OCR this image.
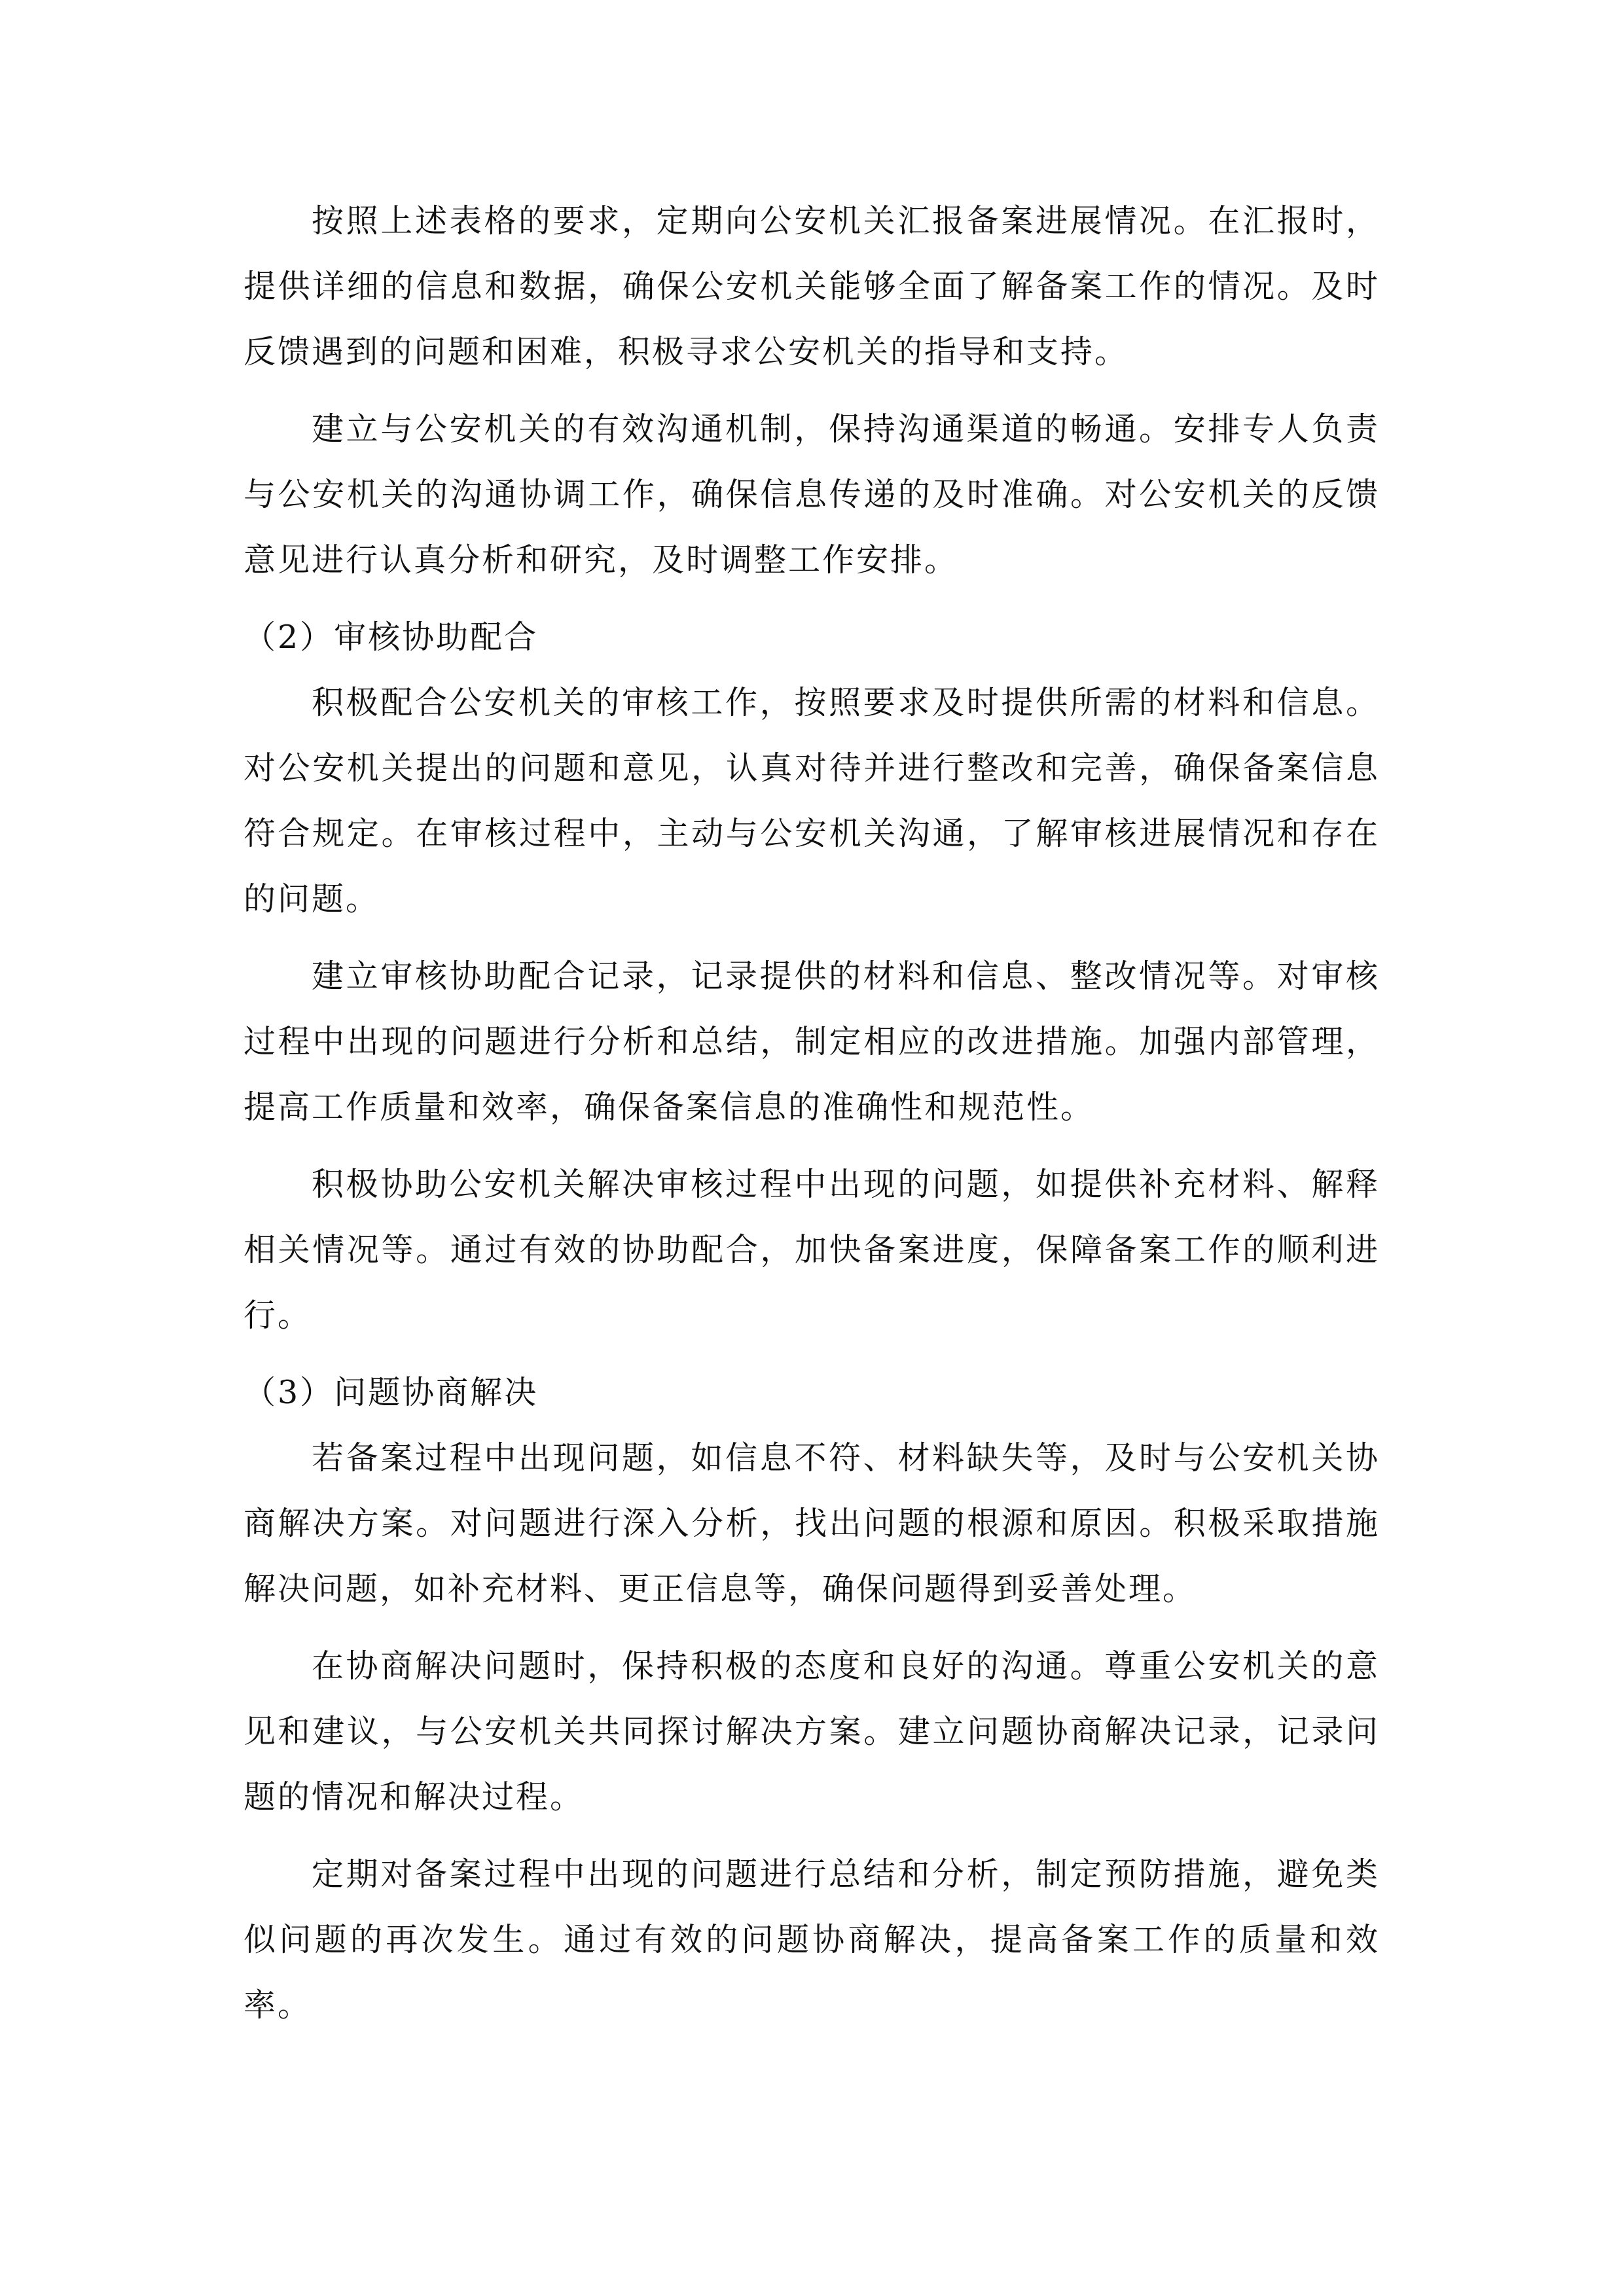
按照上述表格的要求，定期向公安机关汇报备案进展情况。在汇报时，提供详细的信息和数据，确保公安机关能够全面了解备案工作的情况。及时反馈遇到的问题和困难，积极寻求公安机关的指导和支持。

建立与公安机关的有效沟通机制，保持沟通渠道的畅通。安排专人负责与公安机关的沟通协调工作，确保信息传递的及时准确。对公安机关的反馈意见进行认真分析和研究，及时调整工作安排。

（2）审核协助配合

积极配合公安机关的审核工作，按照要求及时提供所需的材料和信息。对公安机关提出的问题和意见，认真对待并进行整改和完善，确保备案信息符合规定。在审核过程中，主动与公安机关沟通，了解审核进展情况和存在的问题。

建立审核协助配合记录，记录提供的材料和信息、整改情况等。对审核过程中出现的问题进行分析和总结，制定相应的改进措施。加强内部管理，提高工作质量和效率，确保备案信息的准确性和规范性。

积极协助公安机关解决审核过程中出现的问题，如提供补充材料、解释相关情况等。通过有效的协助配合，加快备案进度，保障备案工作的顺利进行。

（3）问题协商解决

若备案过程中出现问题，如信息不符、材料缺失等，及时与公安机关协商解决方案。对问题进行深入分析，找出问题的根源和原因。积极采取措施解决问题，如补充材料、更正信息等，确保问题得到妥善处理。

在协商解决问题时，保持积极的态度和良好的沟通。尊重公安机关的意见和建议，与公安机关共同探讨解决方案。建立问题协商解决记录，记录问题的情况和解决过程。

定期对备案过程中出现的问题进行总结和分析，制定预防措施，避免类似问题的再次发生。通过有效的问题协商解决，提高备案工作的质量和效率。
